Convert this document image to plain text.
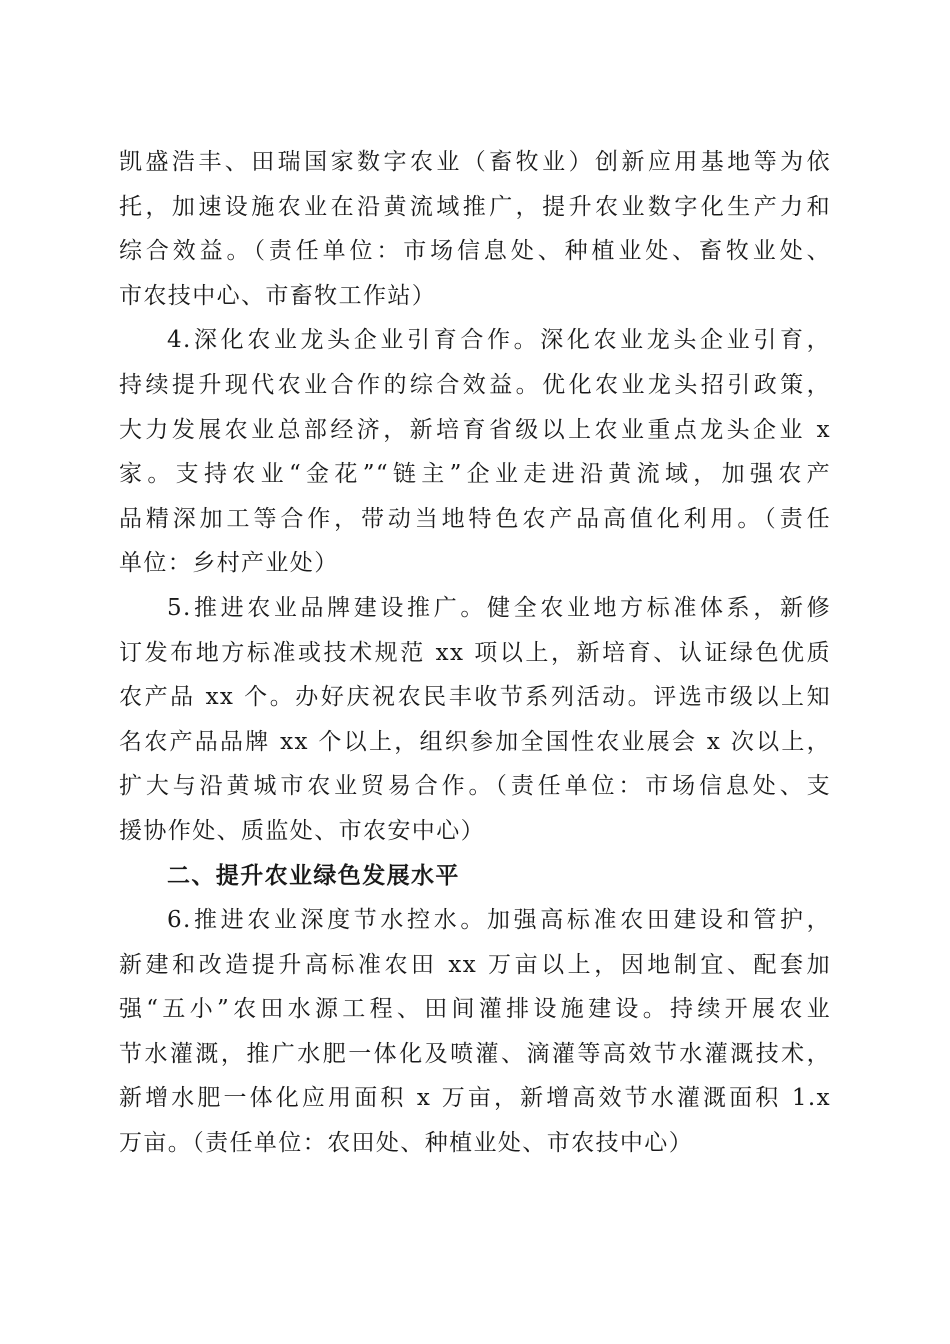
凯盛浩丰、田瑞国家数字农业（畜牧业）创新应用基地等为依
托，加速设施农业在沿黄流域推广，提升农业数字化生产力和
综合效益。（责任单位：市场信息处、种植业处、畜牧业处、
市农技中心、市畜牧工作站）
4.深化农业龙头企业引育合作。深化农业龙头企业引育，
持续提升现代农业合作的综合效益。优化农业龙头招引政策，
大力发展农业总部经济，新培育省级以上农业重点龙头企业 x
家。支持农业“金花”“链主”企业走进沿黄流域，加强农产
品精深加工等合作，带动当地特色农产品高值化利用。（责任
单位：乡村产业处）
5.推进农业品牌建设推广。健全农业地方标准体系，新修
订发布地方标准或技术规范 xx 项以上，新培育、认证绿色优质
农产品 xx 个。办好庆祝农民丰收节系列活动。评选市级以上知
名农产品品牌 xx 个以上，组织参加全国性农业展会 x 次以上，
扩大与沿黄城市农业贸易合作。（责任单位：市场信息处、支
援协作处、质监处、市农安中心）
二、提升农业绿色发展水平
6.推进农业深度节水控水。加强高标准农田建设和管护，
新建和改造提升高标准农田 xx 万亩以上，因地制宜、配套加
强“五小”农田水源工程、田间灌排设施建设。持续开展农业
节水灌溉，推广水肥一体化及喷灌、滴灌等高效节水灌溉技术，
新增水肥一体化应用面积 x 万亩，新增高效节水灌溉面积 1.x
万亩。（责任单位：农田处、种植业处、市农技中心）
